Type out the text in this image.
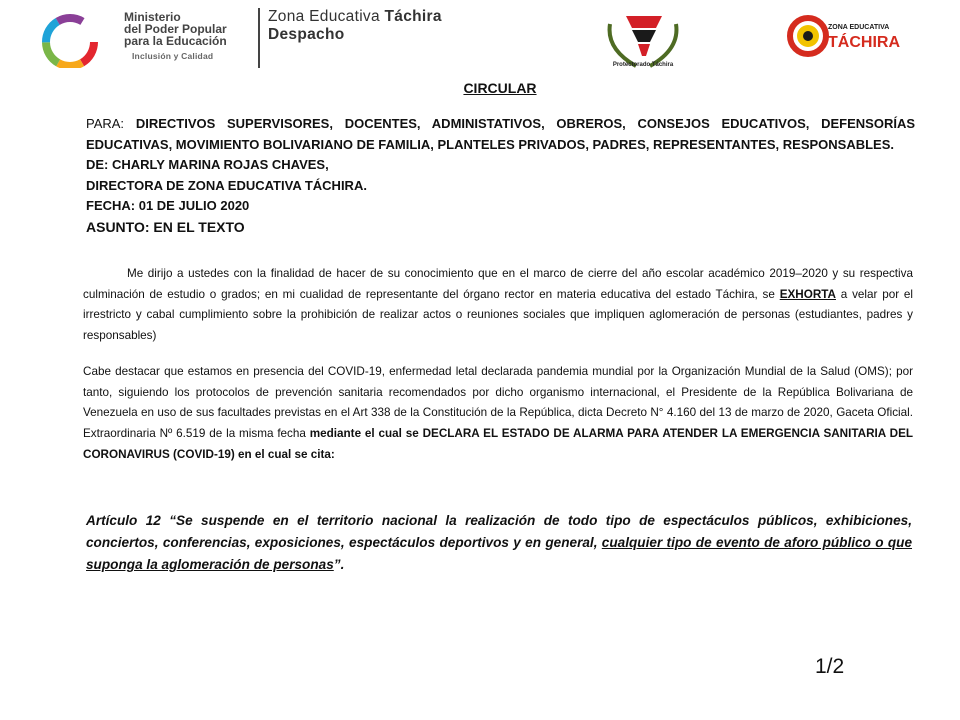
Ministerio
del Poder Popular
para la Educación
Inclusión y Calidad
Zona Educativa Táchira
Despacho
Protectorado Táchira
ZONA EDUCATIVA
TÁCHIRA
CIRCULAR
PARA: DIRECTIVOS SUPERVISORES, DOCENTES, ADMINISTATIVOS, OBREROS, CONSEJOS EDUCATIVOS, DEFENSORÍAS EDUCATIVAS, MOVIMIENTO BOLIVARIANO DE FAMILIA, PLANTELES PRIVADOS, PADRES, REPRESENTANTES, RESPONSABLES.
DE: CHARLY MARINA ROJAS CHAVES,
DIRECTORA DE ZONA EDUCATIVA TÁCHIRA.
FECHA: 01 DE JULIO 2020
ASUNTO: EN EL TEXTO
Me dirijo a ustedes con la finalidad de hacer de su conocimiento que en el marco de cierre del año escolar académico 2019–2020 y su respectiva culminación de estudio o grados; en mi cualidad de representante del órgano rector en materia educativa del estado Táchira, se EXHORTA a velar por el irrestricto y cabal cumplimiento sobre la prohibición de realizar actos o reuniones sociales que impliquen aglomeración de personas (estudiantes, padres y responsables)
Cabe destacar que estamos en presencia del COVID-19, enfermedad letal declarada pandemia mundial por la Organización Mundial de la Salud (OMS); por tanto, siguiendo los protocolos de prevención sanitaria recomendados por dicho organismo internacional, el Presidente de la República Bolivariana de Venezuela en uso de sus facultades previstas en el Art 338 de la Constitución de la República, dicta Decreto N° 4.160 del 13 de marzo de 2020, Gaceta Oficial. Extraordinaria Nº 6.519 de la misma fecha mediante el cual se DECLARA EL ESTADO DE ALARMA PARA ATENDER LA EMERGENCIA SANITARIA DEL CORONAVIRUS (COVID-19) en el cual se cita:
Artículo 12 “Se suspende en el territorio nacional la realización de todo tipo de espectáculos públicos, exhibiciones, conciertos, conferencias, exposiciones, espectáculos deportivos y en general, cualquier tipo de evento de aforo público o que suponga la aglomeración de personas”.
1/2
